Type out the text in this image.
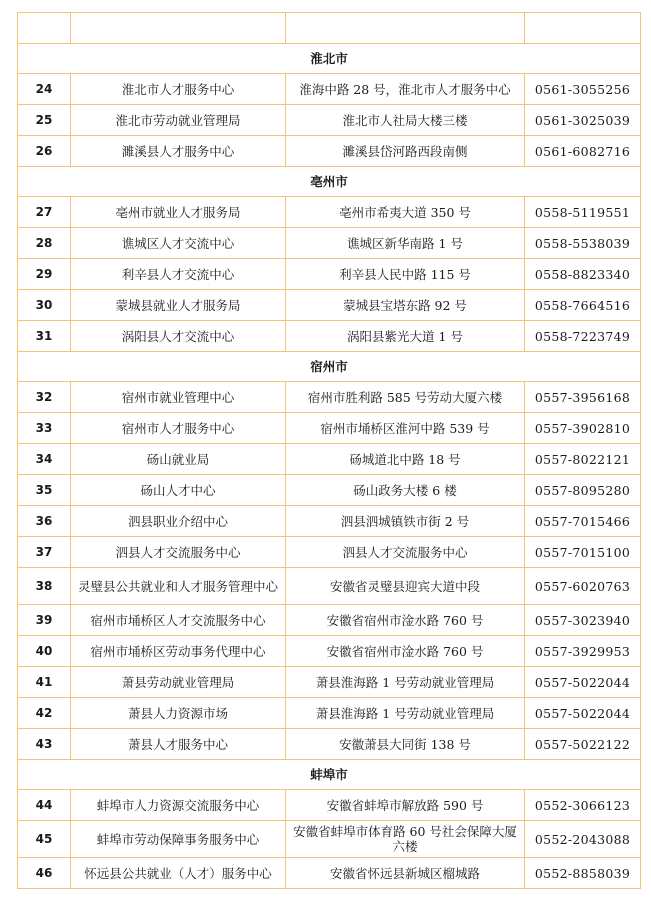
淮北市			
24	淮北市人才服务中心	淮海中路 28 号，淮北市人才服务中心	0561-3055256
25	淮北市劳动就业管理局	淮北市人社局大楼三楼	0561-3025039
26	濉溪县人才服务中心	濉溪县岱河路西段南侧	0561-6082716
亳州市			
27	亳州市就业人才服务局	亳州市希夷大道 350 号	0558-5119551
28	谯城区人才交流中心	谯城区新华南路 1 号	0558-5538039
29	利辛县人才交流中心	利辛县人民中路 115 号	0558-8823340
30	蒙城县就业人才服务局	蒙城县宝塔东路 92 号	0558-7664516
31	涡阳县人才交流中心	涡阳县紫光大道 1 号	0558-7223749
宿州市			
32	宿州市就业管理中心	宿州市胜利路 585 号劳动大厦六楼	0557-3956168
33	宿州市人才服务中心	宿州市埇桥区淮河中路 539 号	0557-3902810
34	砀山就业局	砀城道北中路 18 号	0557-8022121
35	砀山人才中心	砀山政务大楼 6 楼	0557-8095280
36	泗县职业介绍中心	泗县泗城镇铁市街 2 号	0557-7015466
37	泗县人才交流服务中心	泗县人才交流服务中心	0557-7015100
38	灵璧县公共就业和人才服务管理中心	安徽省灵璧县迎宾大道中段	0557-6020763
39	宿州市埇桥区人才交流服务中心	安徽省宿州市淦水路 760 号	0557-3023940
40	宿州市埇桥区劳动事务代理中心	安徽省宿州市淦水路 760 号	0557-3929953
41	萧县劳动就业管理局	萧县淮海路 1 号劳动就业管理局	0557-5022044
42	萧县人力资源市场	萧县淮海路 1 号劳动就业管理局	0557-5022044
43	萧县人才服务中心	安徽萧县大同街 138 号	0557-5022122
蚌埠市			
44	蚌埠市人力资源交流服务中心	安徽省蚌埠市解放路 590 号	0552-3066123
45	蚌埠市劳动保障事务服务中心	安徽省蚌埠市体育路 60 号社会保障大厦六楼	0552-2043088
46	怀远县公共就业（人才）服务中心	安徽省怀远县新城区榴城路	0552-8858039
